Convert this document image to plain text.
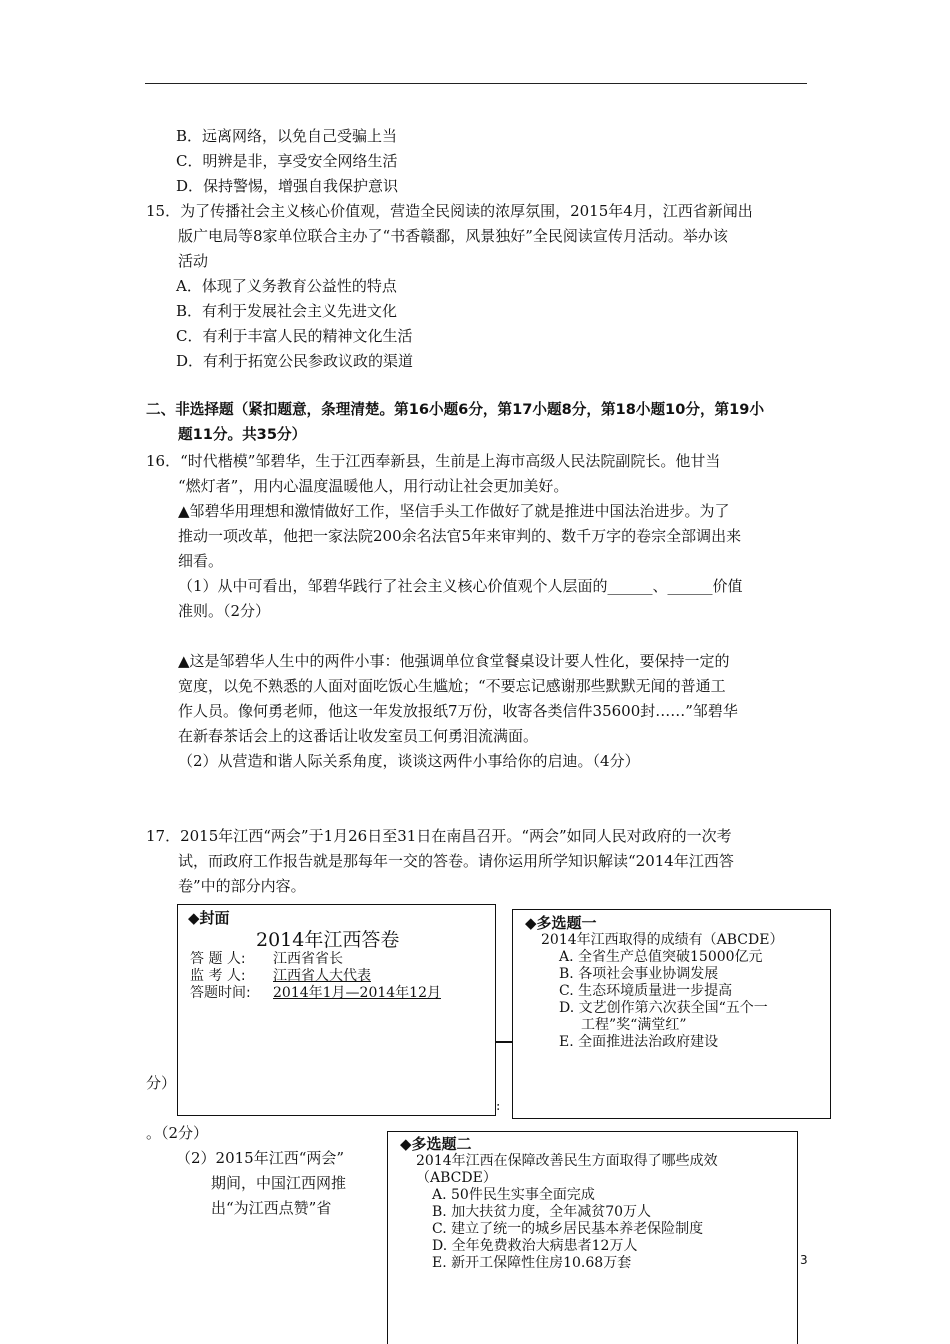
B．远离网络，以免自己受骗上当
C．明辨是非，享受安全网络生活
D．保持警惕，增强自我保护意识
15．为了传播社会主义核心价值观，营造全民阅读的浓厚氛围，2015年4月，江西省新闻出
版广电局等8家单位联合主办了“书香赣鄱，风景独好”全民阅读宣传月活动。举办该
活动
A．体现了义务教育公益性的特点
B．有利于发展社会主义先进文化
C．有利于丰富人民的精神文化生活
D．有利于拓宽公民参政议政的渠道
二、非选择题（紧扣题意，条理清楚。第16小题6分，第17小题8分，第18小题10分，第19小
题11分。共35分）
16．“时代楷模”邹碧华，生于江西奉新县，生前是上海市高级人民法院副院长。他甘当
“燃灯者”，用内心温度温暖他人，用行动让社会更加美好。
▲邹碧华用理想和激情做好工作，坚信手头工作做好了就是推进中国法治进步。为了
推动一项改革，他把一家法院200余名法官5年来审判的、数千万字的卷宗全部调出来
细看。
（1）从中可看出，邹碧华践行了社会主义核心价值观个人层面的______、______价值
准则。（2分）
▲这是邹碧华人生中的两件小事：他强调单位食堂餐桌设计要人性化，要保持一定的
宽度，以免不熟悉的人面对面吃饭心生尴尬；“不要忘记感谢那些默默无闻的普通工
作人员。像何勇老师，他这一年发放报纸7万份，收寄各类信件35600封……”邹碧华
在新春茶话会上的这番话让收发室员工何勇泪流满面。
（2）从营造和谐人际关系角度，谈谈这两件小事给你的启迪。（4分）
17．2015年江西“两会”于1月26日至31日在南昌召开。“两会”如同人民对政府的一次考
试，而政府工作报告就是那每年一交的答卷。请你运用所学知识解读“2014年江西答
卷”中的部分内容。
◆封面
2014年江西答卷
答 题 人: 江西省省长
监 考 人: 江西省人大代表
答题时间: 2014年1月—2014年12月
:
◆多选题一
2014年江西取得的成绩有（ABCDE）
A. 全省生产总值突破15000亿元
B. 各项社会事业协调发展
C. 生态环境质量进一步提高
D. 文艺创作第六次获全国“五个一
工程”奖“满堂红”
E. 全面推进法治政府建设
分）
。（2分）
（2）2015年江西“两会”
期间，中国江西网推
出“为江西点赞”省
◆多选题二
2014年江西在保障改善民生方面取得了哪些成效
（ABCDE）
A. 50件民生实事全面完成
B. 加大扶贫力度，全年减贫70万人
C. 建立了统一的城乡居民基本养老保险制度
D. 全年免费救治大病患者12万人
E. 新开工保障性住房10.68万套	3
